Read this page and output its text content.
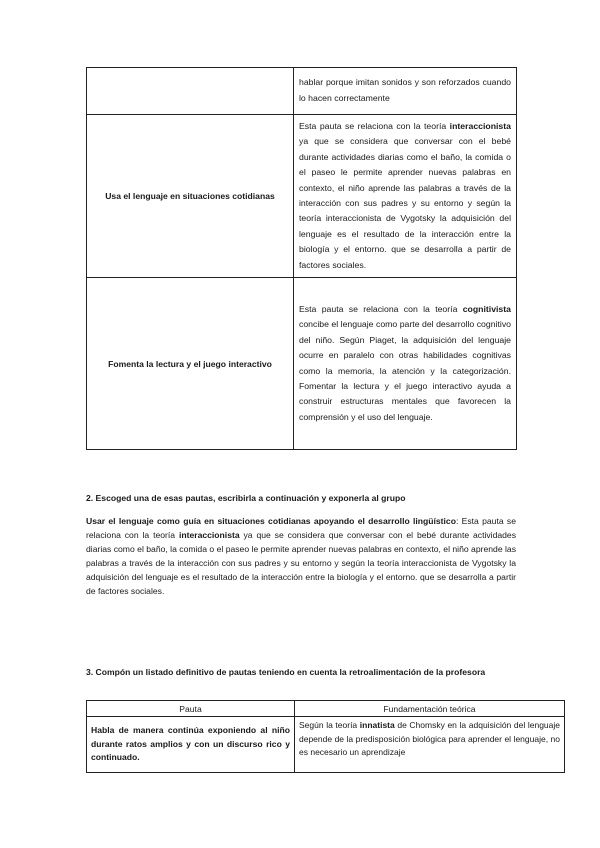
	hablar porque imitan sonidos y son reforzados cuando lo hacen correctamente
Usa el lenguaje en situaciones cotidianas	Esta pauta se relaciona con la teoría interaccionista ya que se considera que conversar con el bebé durante actividades diarias como el baño, la comida o el paseo le permite aprender nuevas palabras en contexto, el niño aprende las palabras a través de la interacción con sus padres y su entorno y según la teoría interaccionista de Vygotsky la adquisición del lenguaje es el resultado de la interacción entre la biología y el entorno. que se desarrolla a partir de factores sociales.
Fomenta la lectura y el juego interactivo	Esta pauta se relaciona con la teoría cognitivista concibe el lenguaje como parte del desarrollo cognitivo del niño. Según Piaget, la adquisición del lenguaje ocurre en paralelo con otras habilidades cognitivas como la memoria, la atención y la categorización. Fomentar la lectura y el juego interactivo ayuda a construir estructuras mentales que favorecen la comprensión y el uso del lenguaje.
2. Escoged una de esas pautas, escribirla a continuación y exponerla al grupo
Usar el lenguaje como guía en situaciones cotidianas apoyando el desarrollo lingüístico: Esta pauta se relaciona con la teoría interaccionista ya que se considera que conversar con el bebé durante actividades diarias como el baño, la comida o el paseo le permite aprender nuevas palabras en contexto, el niño aprende las palabras a través de la interacción con sus padres y su entorno y según la teoría interaccionista de Vygotsky la adquisición del lenguaje es el resultado de la interacción entre la biología y el entorno. que se desarrolla a partir de factores sociales.
3. Compón un listado definitivo de pautas teniendo en cuenta la retroalimentación de la profesora
Pauta	Fundamentación teórica
Habla de manera continúa exponiendo al niño durante ratos amplios y con un discurso rico y continuado.	Según la teoría innatista de Chomsky en la adquisición del lenguaje depende de la predisposición biológica para aprender el lenguaje, no es necesario un aprendizaje
